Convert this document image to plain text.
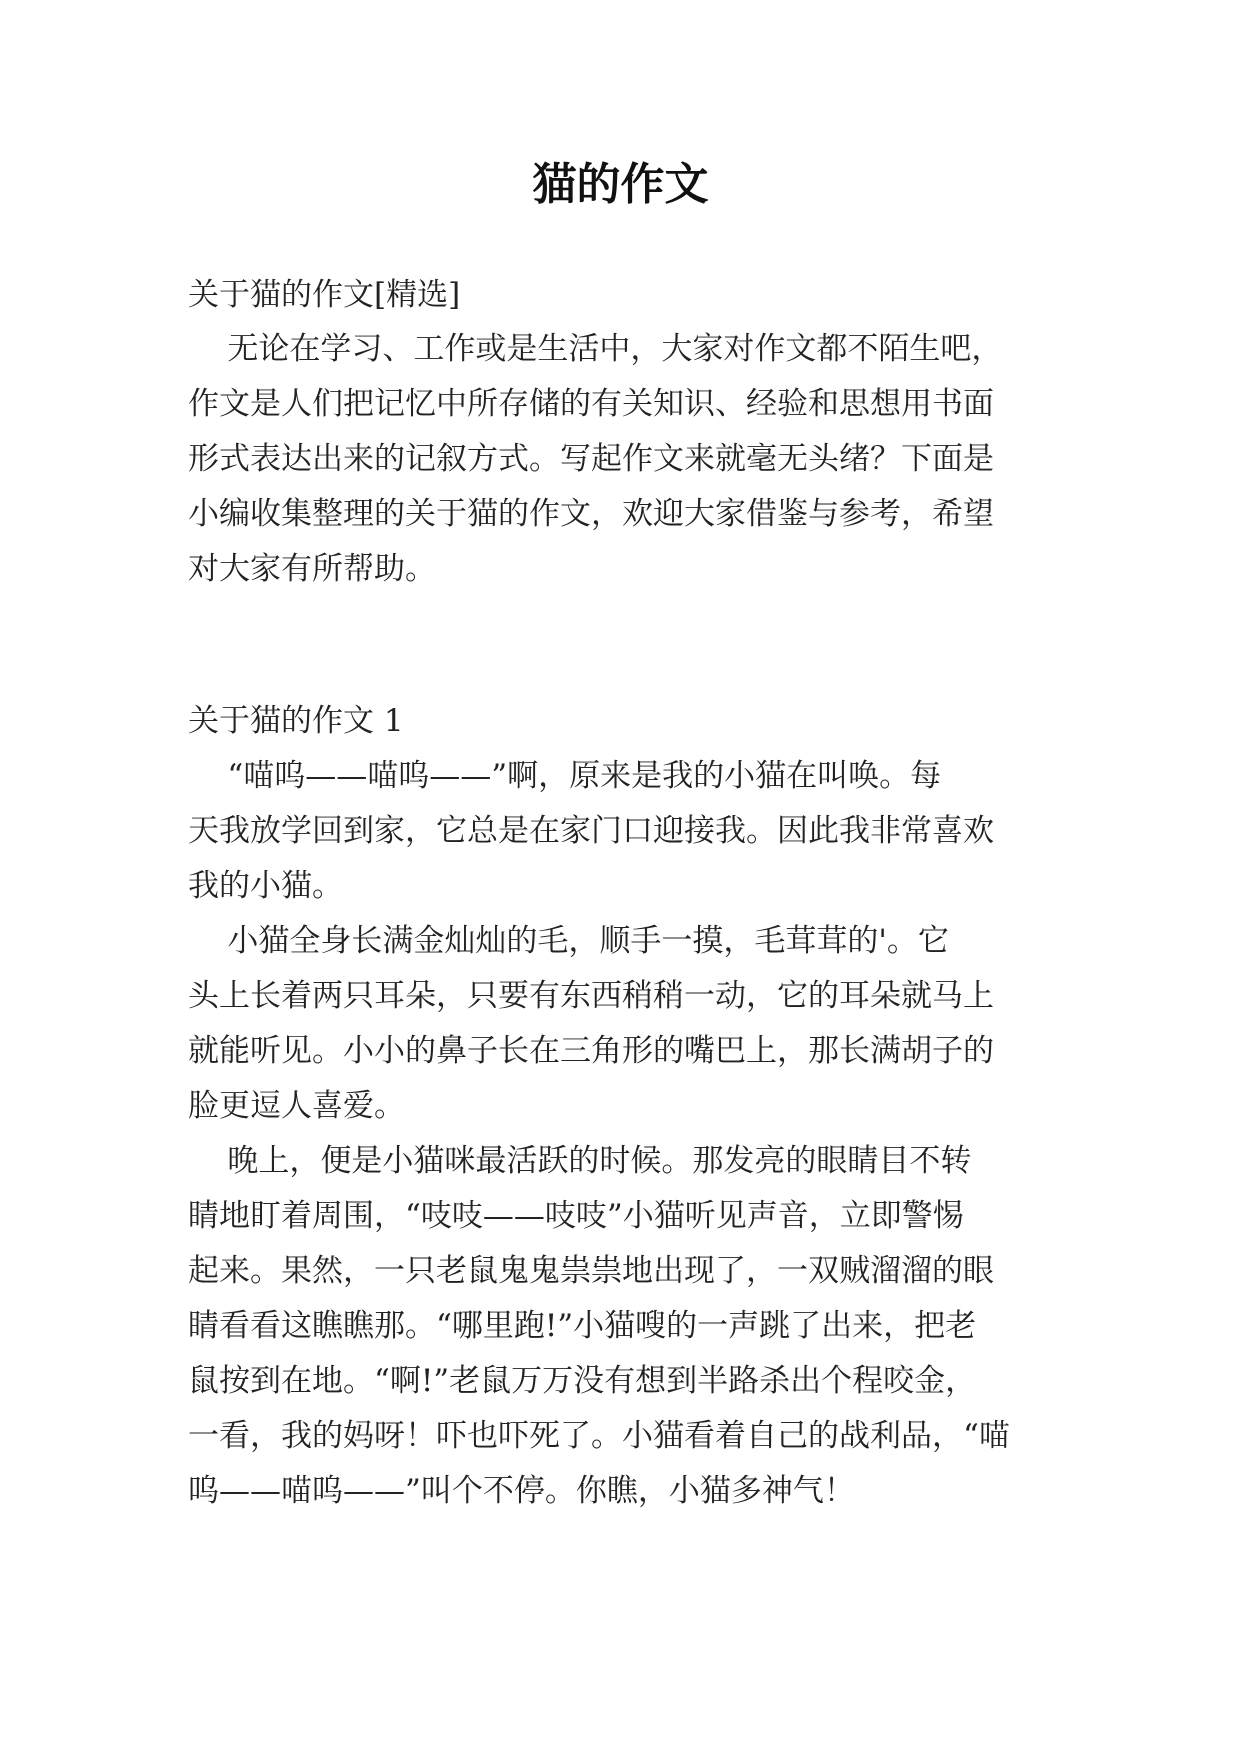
猫的作文
关于猫的作文[精选]
无论在学习、工作或是生活中，大家对作文都不陌生吧，
作文是人们把记忆中所存储的有关知识、经验和思想用书面
形式表达出来的记叙方式。写起作文来就毫无头绪？下面是
小编收集整理的关于猫的作文，欢迎大家借鉴与参考，希望
对大家有所帮助。
关于猫的作文 1
“喵呜——喵呜——”啊，原来是我的小猫在叫唤。每
天我放学回到家，它总是在家门口迎接我。因此我非常喜欢
我的小猫。
小猫全身长满金灿灿的毛，顺手一摸，毛茸茸的'。它
头上长着两只耳朵，只要有东西稍稍一动，它的耳朵就马上
就能听见。小小的鼻子长在三角形的嘴巴上，那长满胡子的
脸更逗人喜爱。
晚上，便是小猫咪最活跃的时候。那发亮的眼睛目不转
睛地盯着周围，“吱吱——吱吱”小猫听见声音，立即警惕
起来。果然，一只老鼠鬼鬼祟祟地出现了，一双贼溜溜的眼
睛看看这瞧瞧那。“哪里跑!”小猫嗖的一声跳了出来，把老
鼠按到在地。“啊!”老鼠万万没有想到半路杀出个程咬金，
一看，我的妈呀！吓也吓死了。小猫看着自己的战利品，“喵
呜——喵呜——”叫个不停。你瞧，小猫多神气！
